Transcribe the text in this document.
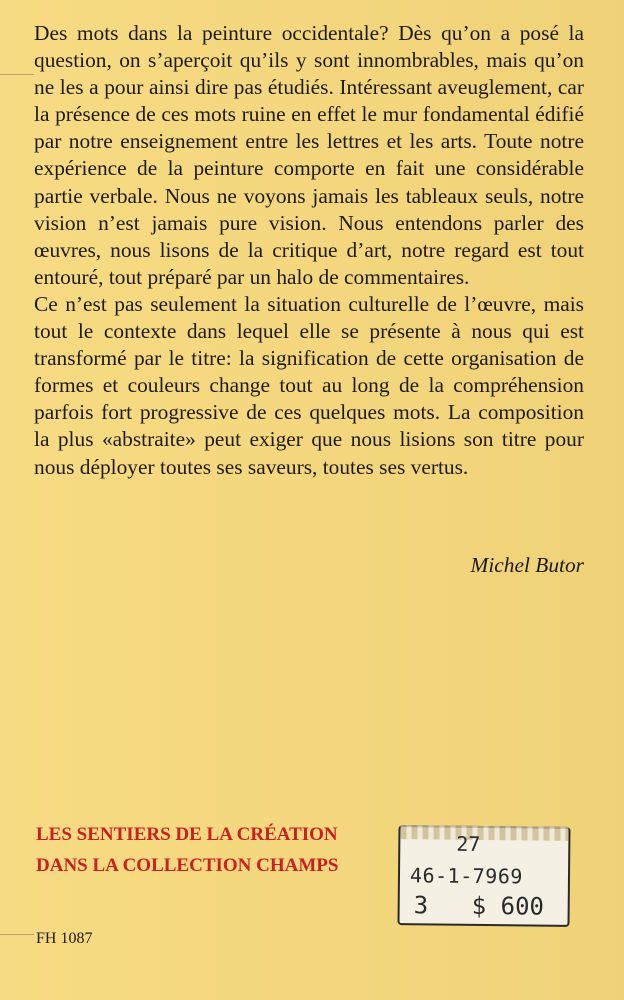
Des mots dans la peinture occidentale? Dès qu’on a posé la question, on s’aperçoit qu’ils y sont innombrables, mais qu’on ne les a pour ainsi dire pas étudiés. Intéressant aveuglement, car la présence de ces mots ruine en effet le mur fondamental édifié par notre enseignement entre les lettres et les arts. Toute notre expérience de la peinture comporte en fait une considérable partie verbale. Nous ne voyons jamais les tableaux seuls, notre vision n’est jamais pure vision. Nous entendons parler des œuvres, nous lisons de la critique d’art, notre regard est tout entouré, tout préparé par un halo de commentaires.

Ce n’est pas seulement la situation culturelle de l’œuvre, mais tout le contexte dans lequel elle se présente à nous qui est transformé par le titre: la signification de cette organisation de formes et couleurs change tout au long de la compréhension parfois fort progressive de ces quelques mots. La composition la plus «abstraite» peut exiger que nous lisions son titre pour nous déployer toutes ses saveurs, toutes ses vertus.

Michel Butor
LES SENTIERS DE LA CRÉATION
DANS LA COLLECTION CHAMPS
FH 1087
27
46-1-7969
3 $ 600
